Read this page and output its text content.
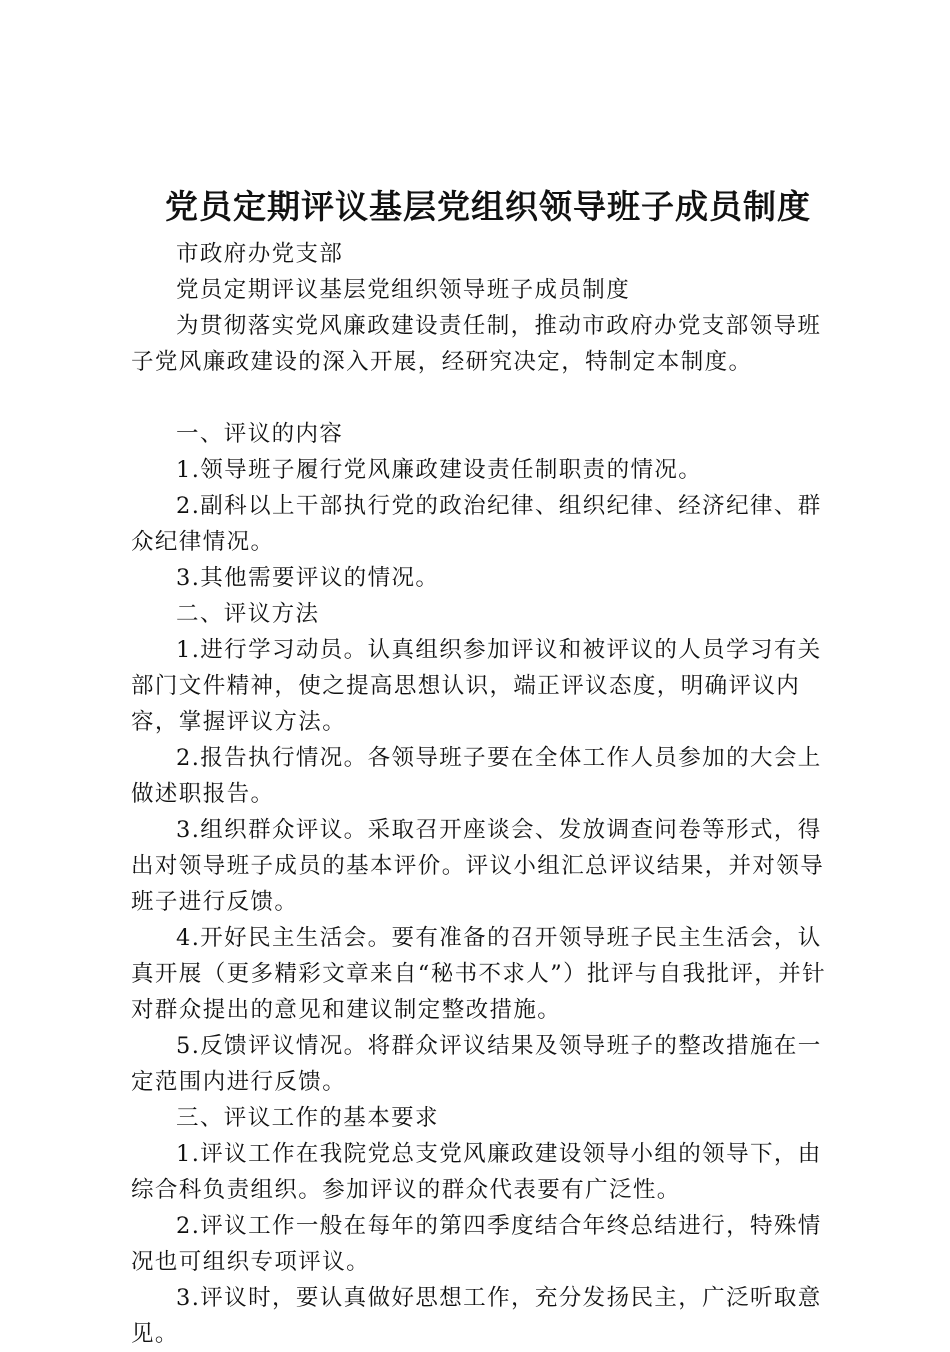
党员定期评议基层党组织领导班子成员制度

市政府办党支部

党员定期评议基层党组织领导班子成员制度

为贯彻落实党风廉政建设责任制，推动市政府办党支部领导班子党风廉政建设的深入开展，经研究决定，特制定本制度。

一、评议的内容

1.领导班子履行党风廉政建设责任制职责的情况。

2.副科以上干部执行党的政治纪律、组织纪律、经济纪律、群众纪律情况。

3.其他需要评议的情况。

二、评议方法

1.进行学习动员。认真组织参加评议和被评议的人员学习有关部门文件精神，使之提高思想认识，端正评议态度，明确评议内容，掌握评议方法。

2.报告执行情况。各领导班子要在全体工作人员参加的大会上做述职报告。

3.组织群众评议。采取召开座谈会、发放调查问卷等形式，得出对领导班子成员的基本评价。评议小组汇总评议结果，并对领导班子进行反馈。

4.开好民主生活会。要有准备的召开领导班子民主生活会，认真开展（更多精彩文章来自“秘书不求人”）批评与自我批评，并针对群众提出的意见和建议制定整改措施。

5.反馈评议情况。将群众评议结果及领导班子的整改措施在一定范围内进行反馈。

三、评议工作的基本要求

1.评议工作在我院党总支党风廉政建设领导小组的领导下，由综合科负责组织。参加评议的群众代表要有广泛性。

2.评议工作一般在每年的第四季度结合年终总结进行，特殊情况也可组织专项评议。

3.评议时，要认真做好思想工作，充分发扬民主，广泛听取意见。
